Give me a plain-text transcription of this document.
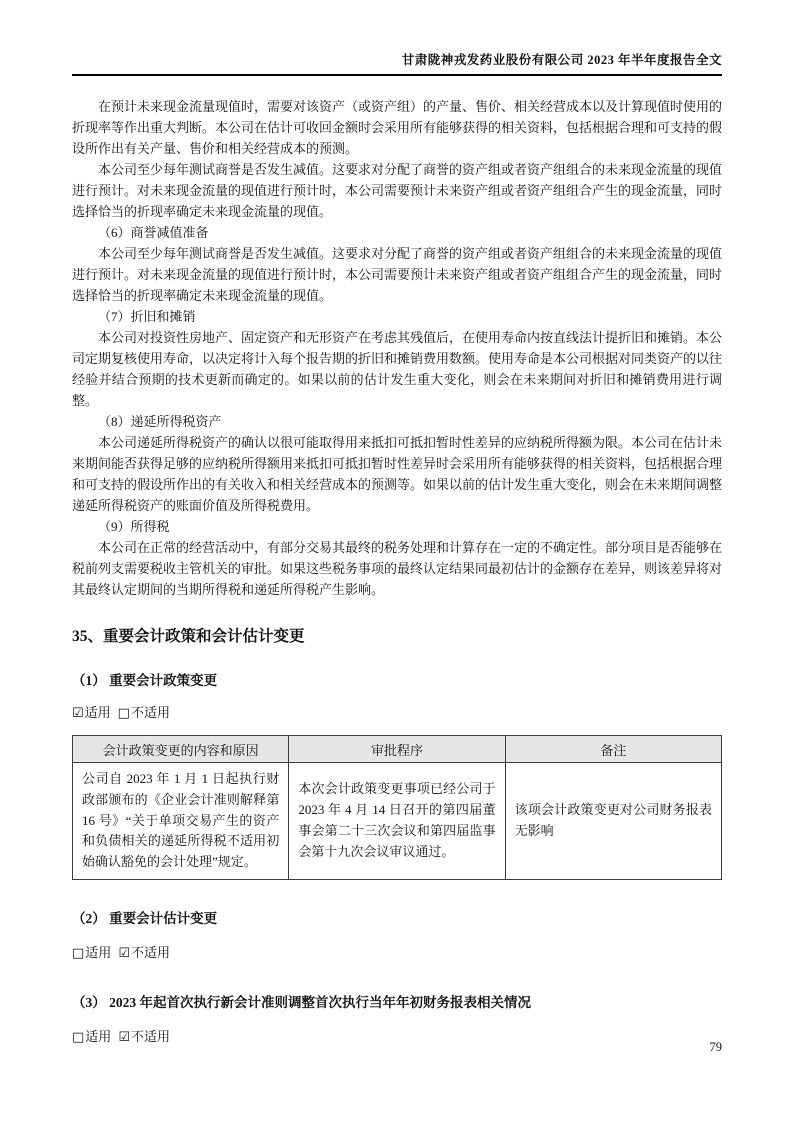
甘肃陇神戎发药业股份有限公司 2023 年半年度报告全文

在预计未来现金流量现值时，需要对该资产（或资产组）的产量、售价、相关经营成本以及计算现值时使用的折现率等作出重大判断。本公司在估计可收回金额时会采用所有能够获得的相关资料，包括根据合理和可支持的假设所作出有关产量、售价和相关经营成本的预测。

本公司至少每年测试商誉是否发生减值。这要求对分配了商誉的资产组或者资产组组合的未来现金流量的现值进行预计。对未来现金流量的现值进行预计时，本公司需要预计未来资产组或者资产组组合产生的现金流量，同时选择恰当的折现率确定未来现金流量的现值。

（6）商誉减值准备

本公司至少每年测试商誉是否发生减值。这要求对分配了商誉的资产组或者资产组组合的未来现金流量的现值进行预计。对未来现金流量的现值进行预计时，本公司需要预计未来资产组或者资产组组合产生的现金流量，同时选择恰当的折现率确定未来现金流量的现值。

（7）折旧和摊销

本公司对投资性房地产、固定资产和无形资产在考虑其残值后，在使用寿命内按直线法计提折旧和摊销。本公司定期复核使用寿命，以决定将计入每个报告期的折旧和摊销费用数额。使用寿命是本公司根据对同类资产的以往经验并结合预期的技术更新而确定的。如果以前的估计发生重大变化，则会在未来期间对折旧和摊销费用进行调整。

（8）递延所得税资产

本公司递延所得税资产的确认以很可能取得用来抵扣可抵扣暂时性差异的应纳税所得额为限。本公司在估计未来期间能否获得足够的应纳税所得额用来抵扣可抵扣暂时性差异时会采用所有能够获得的相关资料，包括根据合理和可支持的假设所作出的有关收入和相关经营成本的预测等。如果以前的估计发生重大变化，则会在未来期间调整递延所得税资产的账面价值及所得税费用。

（9）所得税

本公司在正常的经营活动中，有部分交易其最终的税务处理和计算存在一定的不确定性。部分项目是否能够在税前列支需要税收主管机关的审批。如果这些税务事项的最终认定结果同最初估计的金额存在差异，则该差异将对其最终认定期间的当期所得税和递延所得税产生影响。

35、重要会计政策和会计估计变更
（1） 重要会计政策变更
☑适用 □不适用
会计政策变更的内容和原因	审批程序	备注
公司自 2023 年 1 月 1 日起执行财政部颁布的《企业会计准则解释第 16 号》“关于单项交易产生的资产和负债相关的递延所得税不适用初始确认豁免的会计处理”规定。	本次会计政策变更事项已经公司于 2023 年 4 月 14 日召开的第四届董事会第二十三次会议和第四届监事会第十九次会议审议通过。	该项会计政策变更对公司财务报表无影响
（2） 重要会计估计变更
□适用 ☑不适用
（3） 2023 年起首次执行新会计准则调整首次执行当年年初财务报表相关情况
□适用 ☑不适用
79
